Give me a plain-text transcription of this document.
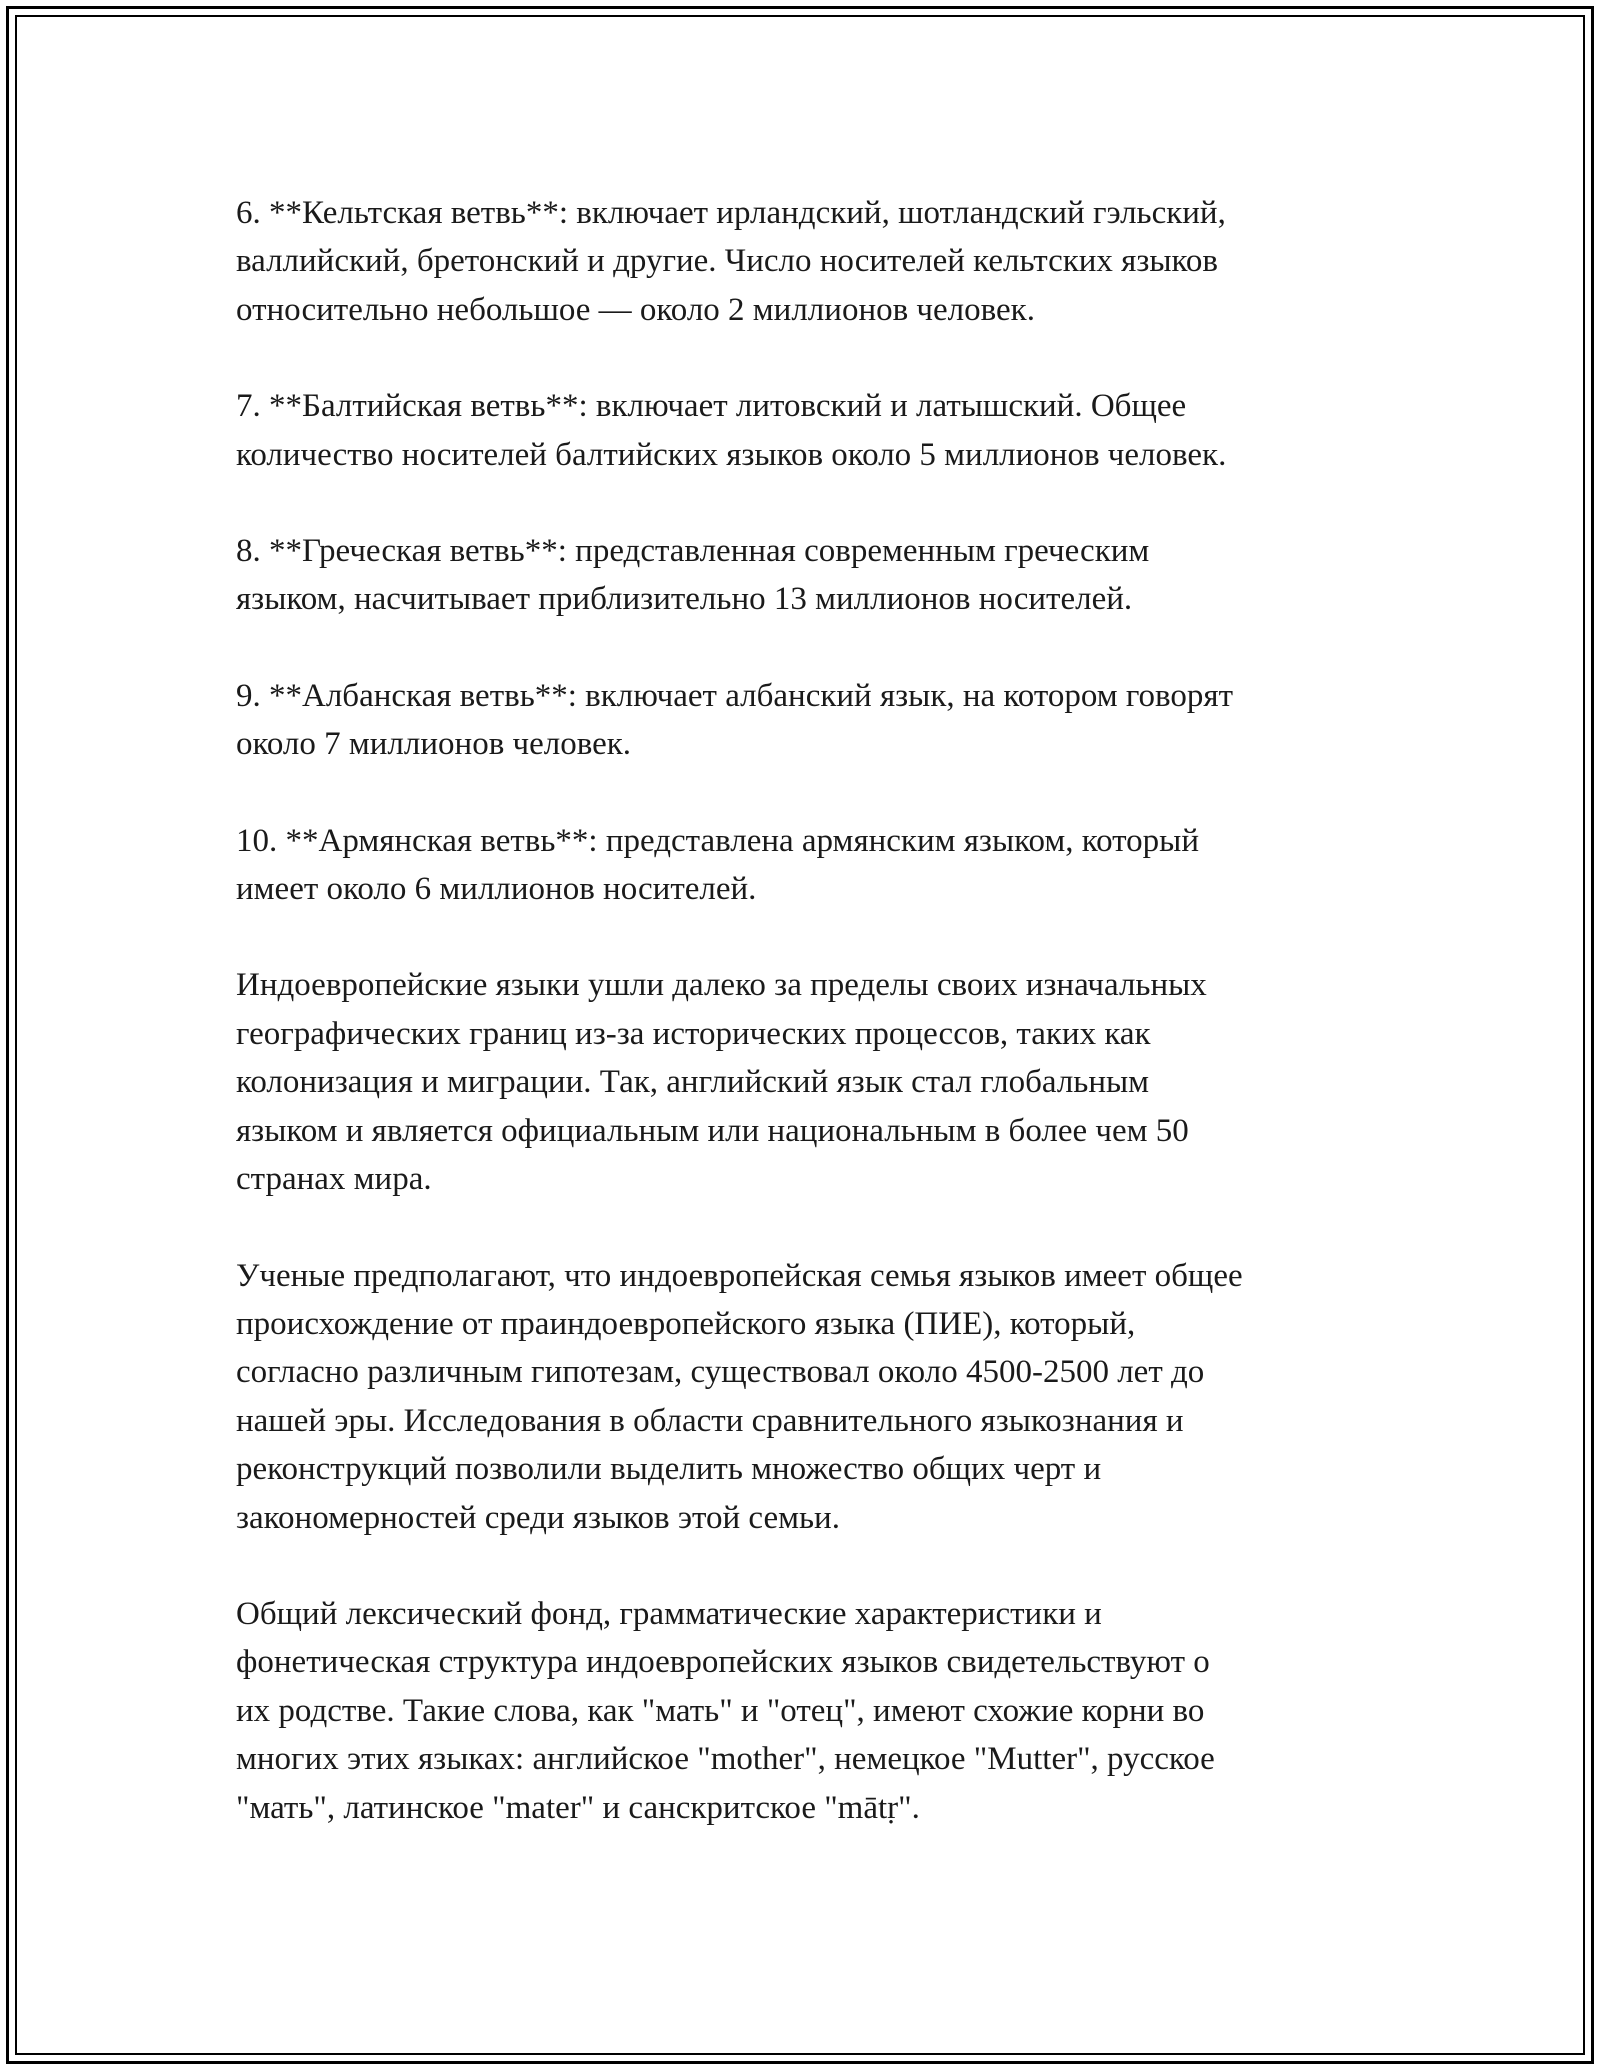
6. **Кельтская ветвь**: включает ирландский, шотландский гэльский,
валлийский, бретонский и другие. Число носителей кельтских языков
относительно небольшое — около 2 миллионов человек.

7. **Балтийская ветвь**: включает литовский и латышский. Общее
количество носителей балтийских языков около 5 миллионов человек.

8. **Греческая ветвь**: представленная современным греческим
языком, насчитывает приблизительно 13 миллионов носителей.

9. **Албанская ветвь**: включает албанский язык, на котором говорят
около 7 миллионов человек.

10. **Армянская ветвь**: представлена армянским языком, который
имеет около 6 миллионов носителей.

Индоевропейские языки ушли далеко за пределы своих изначальных
географических границ из-за исторических процессов, таких как
колонизация и миграции. Так, английский язык стал глобальным
языком и является официальным или национальным в более чем 50
странах мира.

Ученые предполагают, что индоевропейская семья языков имеет общее
происхождение от праиндоевропейского языка (ПИЕ), который,
согласно различным гипотезам, существовал около 4500-2500 лет до
нашей эры. Исследования в области сравнительного языкознания и
реконструкций позволили выделить множество общих черт и
закономерностей среди языков этой семьи.

Общий лексический фонд, грамматические характеристики и
фонетическая структура индоевропейских языков свидетельствуют о
их родстве. Такие слова, как "мать" и "отец", имеют схожие корни во
многих этих языках: английское "mother", немецкое "Mutter", русское
"мать", латинское "mater" и санскритское "mātṛ".
